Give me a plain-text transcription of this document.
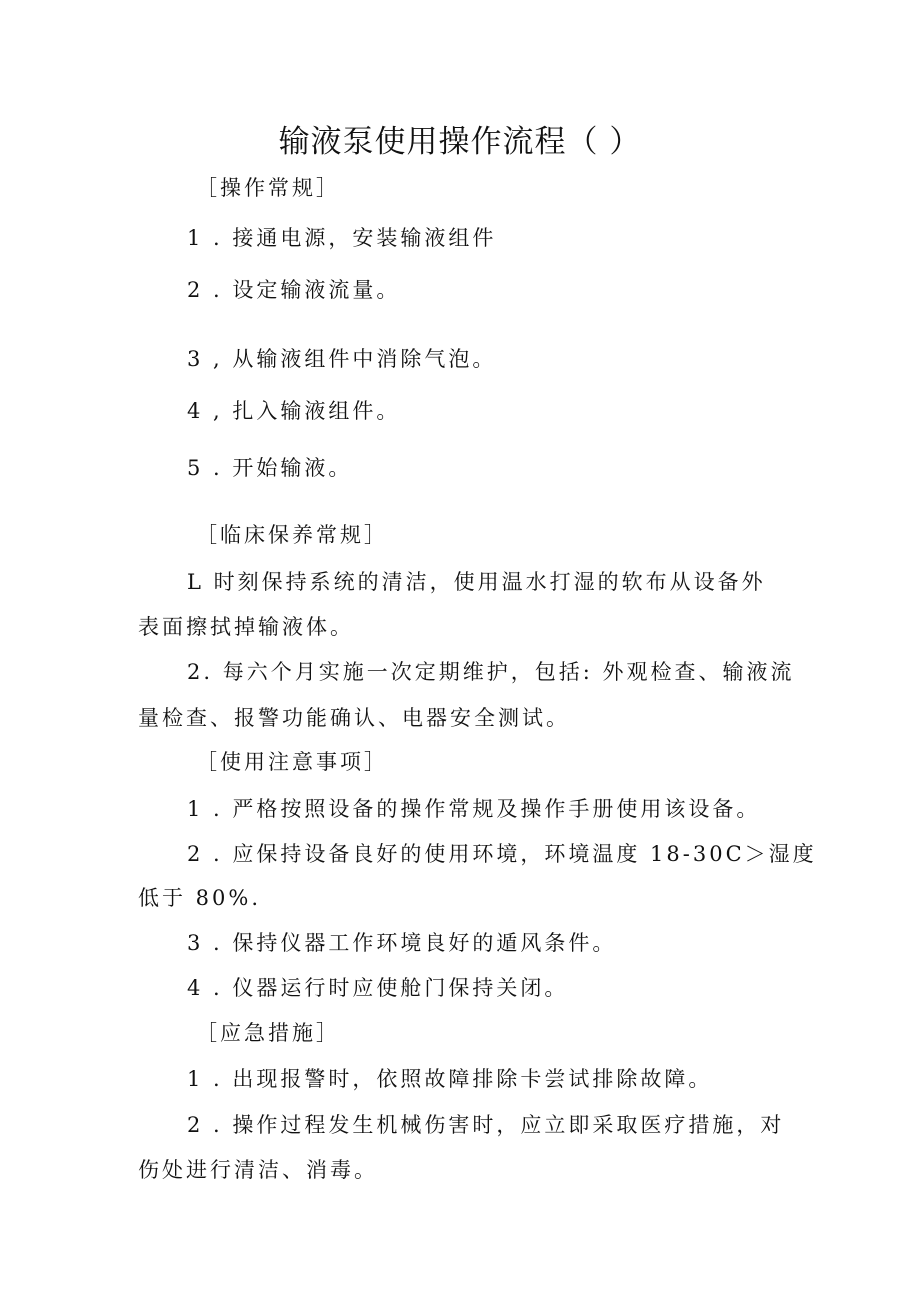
输液泵使用操作流程（ ）
［操作常规］
1 . 接通电源，安装输液组件
2 . 设定输液流量。
3 , 从输液组件中消除气泡。
4 , 扎入输液组件。
5 . 开始输液。
［临床保养常规］
L 时刻保持系统的清洁，使用温水打湿的软布从设备外
表面擦拭掉输液体。
2. 每六个月实施一次定期维护，包括: 外观检查、输液流
量检查、报警功能确认、电器安全测试。
［使用注意事项］
1 . 严格按照设备的操作常规及操作手册使用该设备。
2 . 应保持设备良好的使用环境，环境温度 18-30C＞湿度
低于 80%.
3 . 保持仪器工作环境良好的遁风条件。
4 . 仪器运行时应使舱门保持关闭。
［应急措施］
1 . 出现报警时，依照故障排除卡尝试排除故障。
2 . 操作过程发生机械伤害时，应立即采取医疗措施，对
伤处进行清洁、消毒。
